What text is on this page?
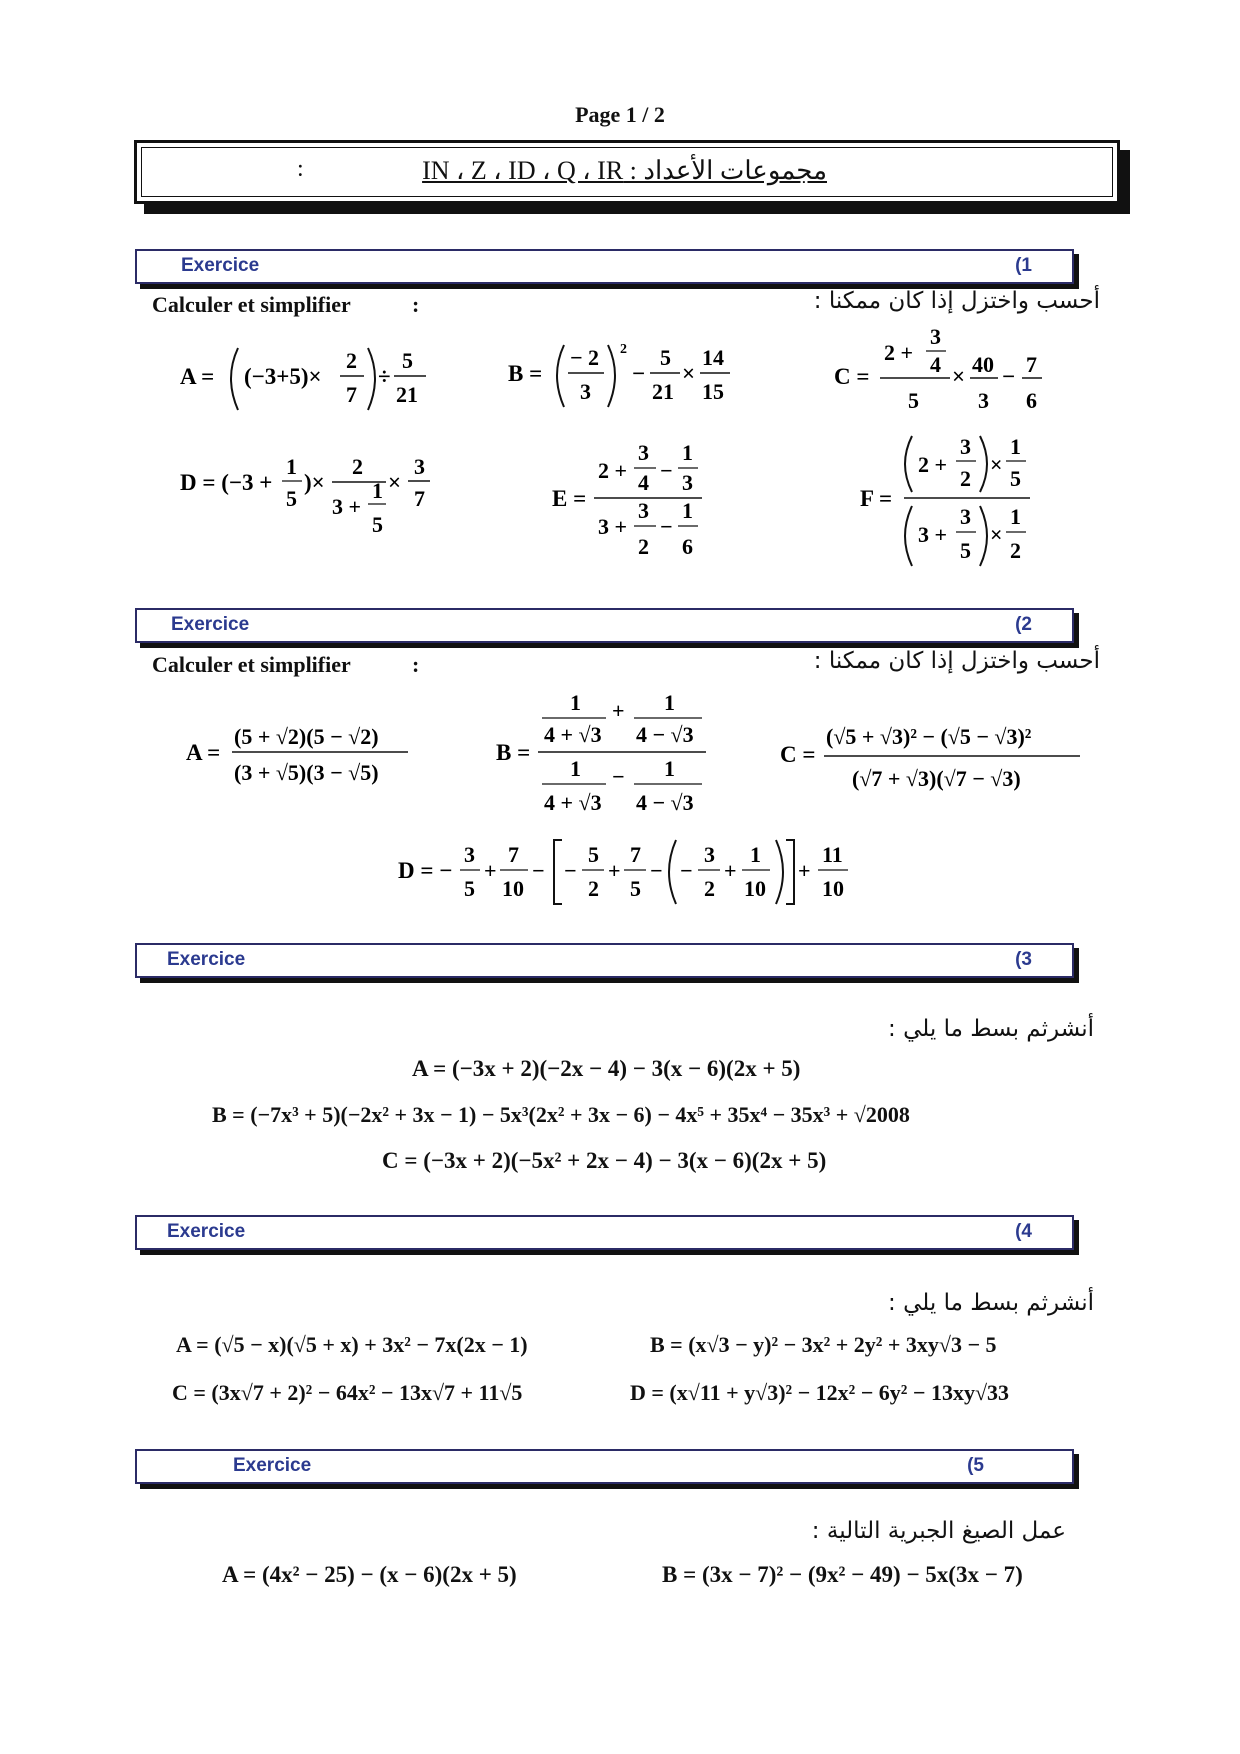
Page 1 / 2
:	مجموعات الأعداد : IN ، Z ، ID ، Q ، IR
Exercice	(1
Calculer et simplifier	:	أحسب واختزل إذا كان ممكنا :
A = (−3+5)×
2
7
÷
5
21
B =
− 2
3
2
−
5
21
×
14
15
C =
2 +
3
4
5
× 40
3
− 7
6
D = (−3 +
1
5
)×
2
3 +
1
5
×
3
7	E =
2 +
3
4 −
1
3
3 +
3
2
−
1
6
F =
2 +
3
2
×
1
5
3 +
3
5
×
1
2
Exercice	(2
Calculer et simplifier	:	أحسب واختزل إذا كان ممكنا :
A =
(5 + √2)(5 − √2)
(3 + √5)(3 − √5)
B =
1
4 + √3
+ 1
4 − √3
1
4 + √3
− 1
4 − √3
C =
(√5 + √3)² − (√5 − √3)²
(√7 + √3)(√7 − √3)
D = −
3
5
+
7
10
− −
5
2
+
7
5
− −
3
2
+
1
10
+
11
10
Exercice	(3
أنشرثم بسط ما يلي :
A = (−3x + 2)(−2x − 4) − 3(x − 6)(2x + 5)
B = (−7x³ + 5)(−2x² + 3x − 1) − 5x³(2x² + 3x − 6) − 4x⁵ + 35x⁴ − 35x³ + √2008
C = (−3x + 2)(−5x² + 2x − 4) − 3(x − 6)(2x + 5)
Exercice	(4
أنشرثم بسط ما يلي :
A = (√5 − x)(√5 + x) + 3x² − 7x(2x − 1)	B = (x√3 − y)² − 3x² + 2y² + 3xy√3 − 5
C = (3x√7 + 2)² − 64x² − 13x√7 + 11√5	D = (x√11 + y√3)² − 12x² − 6y² − 13xy√33
Exercice	(5
عمل الصيغ الجبرية التالية :
A = (4x² − 25) − (x − 6)(2x + 5)	B = (3x − 7)² − (9x² − 49) − 5x(3x − 7)
